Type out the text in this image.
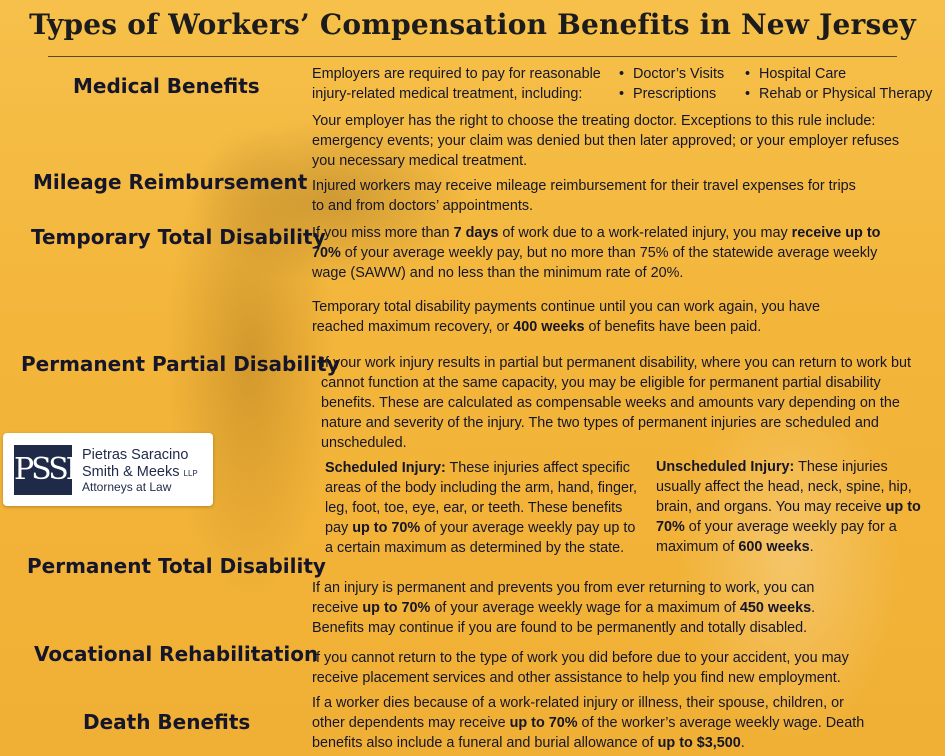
Types of Workers’ Compensation Benefits in New Jersey
Medical Benefits	Employers are required to pay for reasonable
injury-related medical treatment, including:
• Doctor’s Visits
• Prescriptions
• Hospital Care
• Rehab or Physical Therapy
Your employer has the right to choose the treating doctor. Exceptions to this rule include: emergency events; your claim was denied but then later approved; or your employer refuses you necessary medical treatment.
Mileage Reimbursement Injured workers may receive mileage reimbursement for their travel expenses for trips
to and from doctors’ appointments.
Temporary Total Disability
If you miss more than 7 days of work due to a work-related injury, you may receive up to 70% of your average weekly pay, but no more than 75% of the statewide average weekly wage (SAWW) and no less than the minimum rate of 20%.
Temporary total disability payments continue until you can work again, you have reached maximum recovery, or 400 weeks of benefits have been paid.
Permanent Partial Disability
If your work injury results in partial but permanent disability, where you can return to work but cannot function at the same capacity, you may be eligible for permanent partial disability benefits. These are calculated as compensable weeks and amounts vary depending on the nature and severity of the injury. The two types of permanent injuries are scheduled and unscheduled.
Scheduled Injury: These injuries affect specific areas of the body including the arm, hand, finger, leg, foot, toe, eye, ear, or teeth. These benefits pay up to 70% of your average weekly pay up to a certain maximum as determined by the state.
Unscheduled Injury: These injuries usually affect the head, neck, spine, hip, brain, and organs. You may receive up to 70% of your average weekly pay for a maximum of 600 weeks.
PSSM
Pietras Saracino
Smith & Meeks LLP
Attorneys at Law
Permanent Total Disability
If an injury is permanent and prevents you from ever returning to work, you can receive up to 70% of your average weekly wage for a maximum of 450 weeks. Benefits may continue if you are found to be permanently and totally disabled.
Vocational Rehabilitation
If you cannot return to the type of work you did before due to your accident, you may receive placement services and other assistance to help you find new employment.
Death Benefits
If a worker dies because of a work-related injury or illness, their spouse, children, or other dependents may receive up to 70% of the worker’s average weekly wage. Death benefits also include a funeral and burial allowance of up to $3,500.
